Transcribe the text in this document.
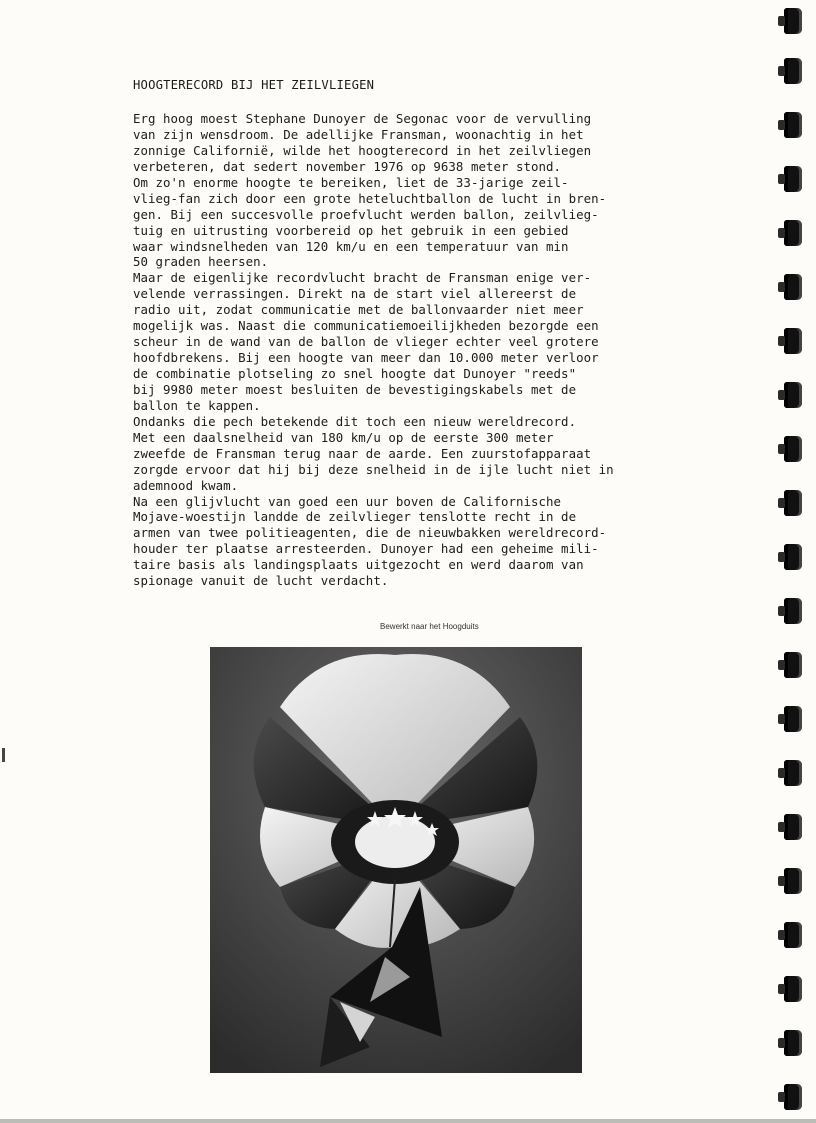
HOOGTERECORD BIJ HET ZEILVLIEGEN
Erg hoog moest Stephane Dunoyer de Segonac voor de vervulling
van zijn wensdroom. De adellijke Fransman, woonachtig in het
zonnige Californië, wilde het hoogterecord in het zeilvliegen
verbeteren, dat sedert november 1976 op 9638 meter stond.
Om zo'n enorme hoogte te bereiken, liet de 33-jarige zeil-
vlieg-fan zich door een grote heteluchtballon de lucht in bren-
gen. Bij een succesvolle proefvlucht werden ballon, zeilvlieg-
tuig en uitrusting voorbereid op het gebruik in een gebied
waar windsnelheden van 120 km/u en een temperatuur van min
50 graden heersen.
Maar de eigenlijke recordvlucht bracht de Fransman enige ver-
velende verrassingen. Direkt na de start viel allereerst de
radio uit, zodat communicatie met de ballonvaarder niet meer
mogelijk was. Naast die communicatiemoeilijkheden bezorgde een
scheur in de wand van de ballon de vlieger echter veel grotere
hoofdbrekens. Bij een hoogte van meer dan 10.000 meter verloor
de combinatie plotseling zo snel hoogte dat Dunoyer "reeds"
bij 9980 meter moest besluiten de bevestigingskabels met de
ballon te kappen.
Ondanks die pech betekende dit toch een nieuw wereldrecord.
Met een daalsnelheid van 180 km/u op de eerste 300 meter
zweefde de Fransman terug naar de aarde. Een zuurstofapparaat
zorgde ervoor dat hij bij deze snelheid in de ijle lucht niet in
ademnood kwam.
Na een glijvlucht van goed een uur boven de Californische
Mojave-woestijn landde de zeilvlieger tenslotte recht in de
armen van twee politieagenten, die de nieuwbakken wereldrecord-
houder ter plaatse arresteerden. Dunoyer had een geheime mili-
taire basis als landingsplaats uitgezocht en werd daarom van
spionage vanuit de lucht verdacht.
Bewerkt naar het Hoogduits
